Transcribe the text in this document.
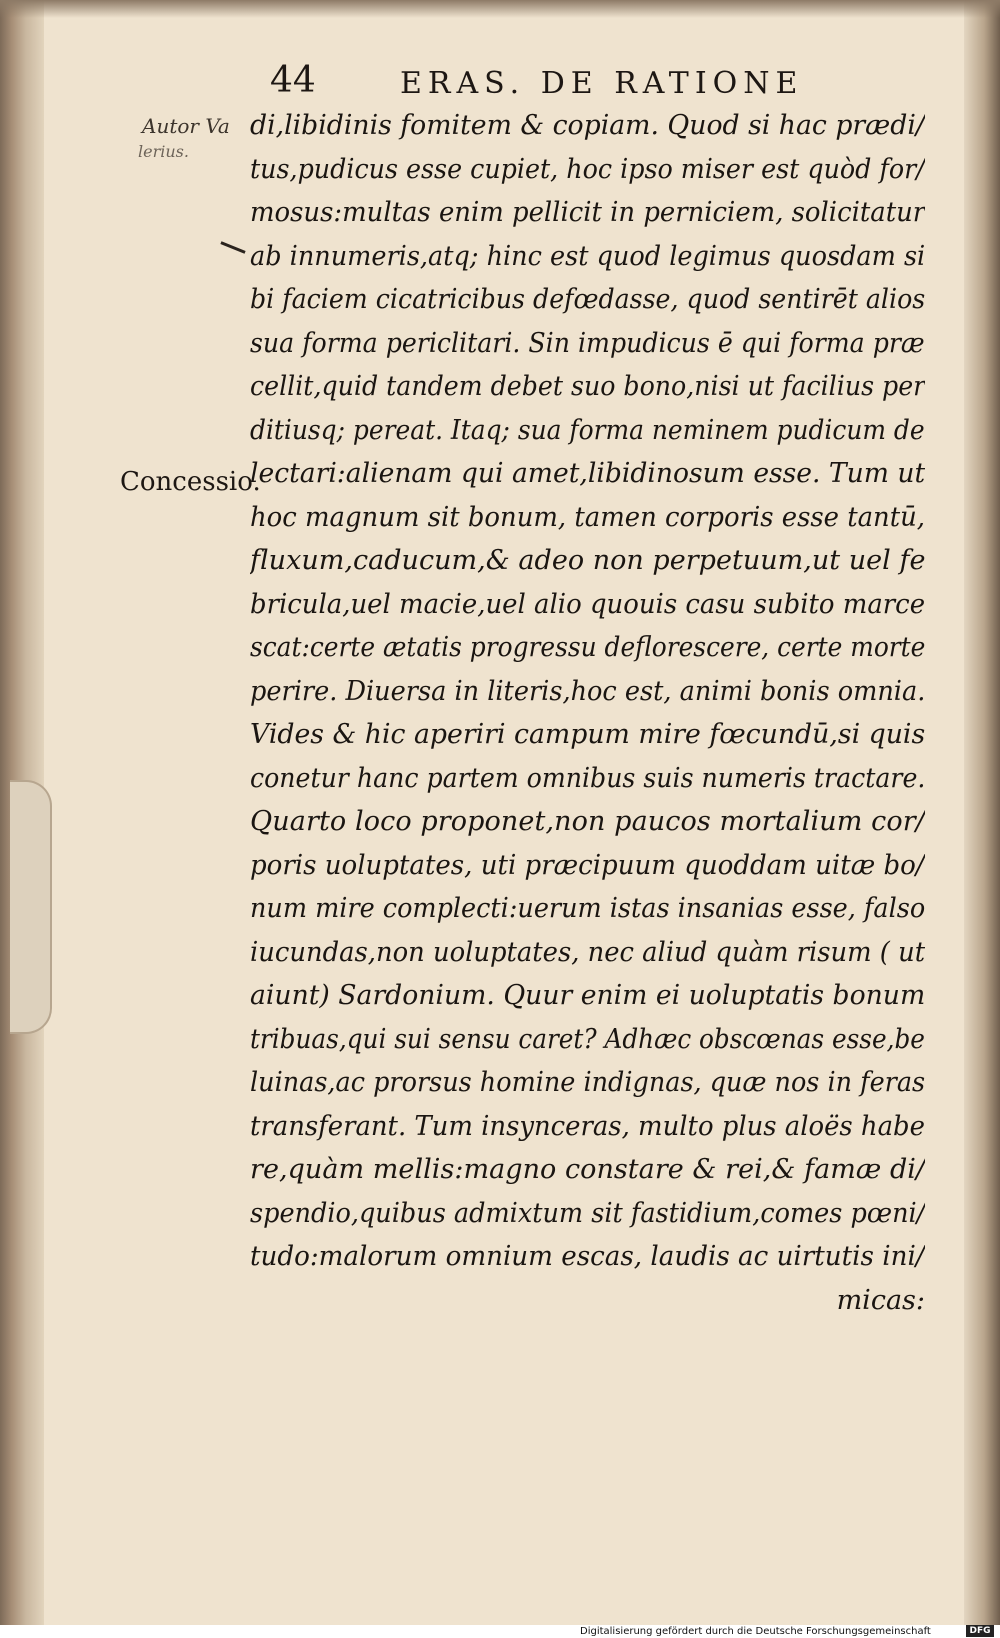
44	ERAS. DE RATIONE
Autor Va
lerius.
Concessio.
di,libidinis fomitem & copiam. Quod si hac prædi/
tus,pudicus esse cupiet, hoc ipso miser est quòd for/
mosus:multas enim pellicit in perniciem, solicitatur
ab innumeris,atq; hinc est quod legimus quosdam si
bi faciem cicatricibus defœdasse, quod sentirēt alios
sua forma periclitari. Sin impudicus ē qui forma præ
cellit,quid tandem debet suo bono,nisi ut facilius per
ditiusq; pereat. Itaq; sua forma neminem pudicum de
lectari:alienam qui amet,libidinosum esse. Tum ut
hoc magnum sit bonum, tamen corporis esse tantū,
fluxum,caducum,& adeo non perpetuum,ut uel fe
bricula,uel macie,uel alio quouis casu subito marce
scat:certe ætatis progressu deflorescere, certe morte
perire. Diuersa in literis,hoc est, animi bonis omnia.
Vides & hic aperiri campum mire fœcundū,si quis
conetur hanc partem omnibus suis numeris tractare.
Quarto loco proponet,non paucos mortalium cor/
poris uoluptates, uti præcipuum quoddam uitæ bo/
num mire complecti:uerum istas insanias esse, falso
iucundas,non uoluptates, nec aliud quàm risum ( ut
aiunt) Sardonium. Quur enim ei uoluptatis bonum
tribuas,qui sui sensu caret? Adhæc obscœnas esse,be
luinas,ac prorsus homine indignas, quæ nos in feras
transferant. Tum insynceras, multo plus aloës habe
re,quàm mellis:magno constare & rei,& famæ di/
spendio,quibus admixtum sit fastidium,comes pœni/
tudo:malorum omnium escas, laudis ac uirtutis ini/
micas:
Digitalisierung gefördert durch die Deutsche Forschungsgemeinschaft	DFG
